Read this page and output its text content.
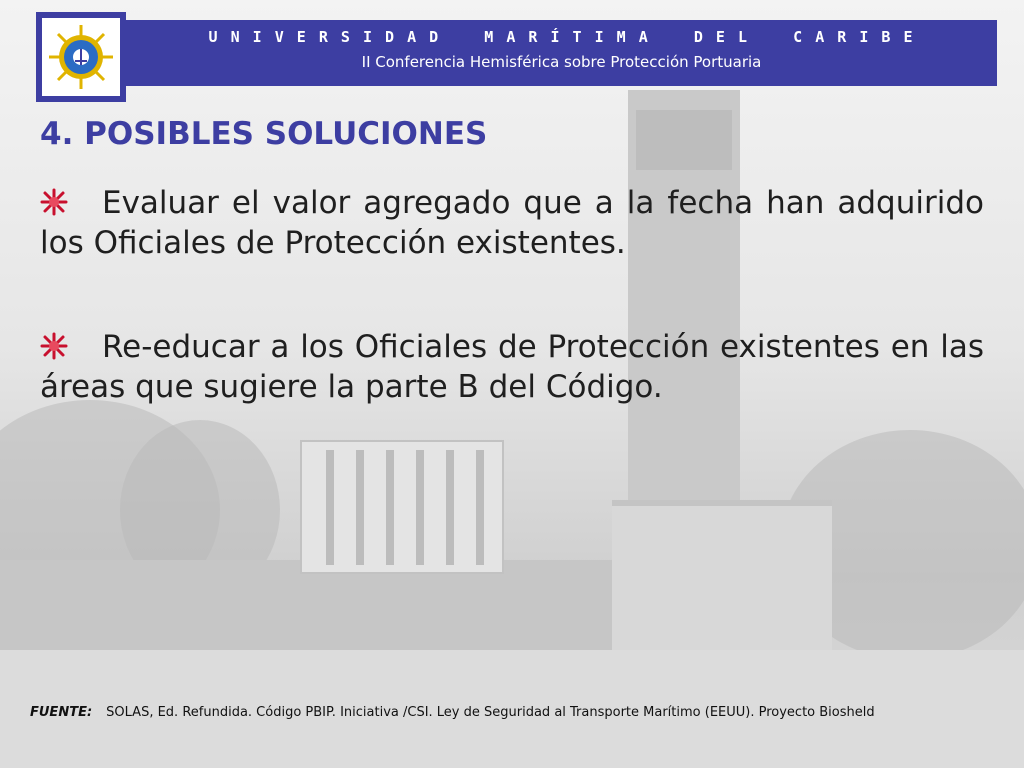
U N I V E R S I D A D    M A R Í T I M A    D E L    C A R I B E
II Conferencia Hemisférica sobre Protección Portuaria
4. POSIBLES SOLUCIONES
Evaluar el valor agregado que a la fecha han adquirido los Oficiales de Protección existentes.
Re-educar a los Oficiales de Protección existentes en las áreas que sugiere la parte B del Código.
FUENTE: SOLAS, Ed. Refundida. Código PBIP. Iniciativa /CSI. Ley de Seguridad al Transporte Marítimo (EEUU). Proyecto Biosheld
